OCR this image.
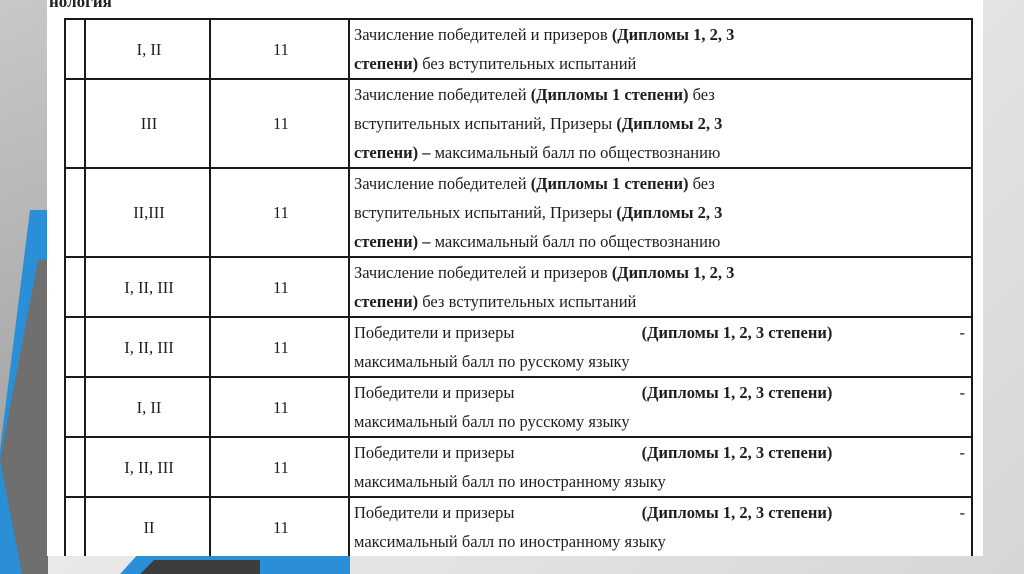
нология
	I, II	11	Зачисление победителей и призеров (Дипломы 1, 2, 3
степени) без вступительных испытаний

	III	11	Зачисление победителей (Дипломы 1 степени) без
вступительных испытаний, Призеры (Дипломы 2, 3
степени) – максимальный балл по обществознанию

	II,III	11	Зачисление победителей (Дипломы 1 степени) без
вступительных испытаний, Призеры (Дипломы 2, 3
степени) – максимальный балл по обществознанию

	I, II, III	11	Зачисление победителей и призеров (Дипломы 1, 2, 3
степени) без вступительных испытаний

	I, II, III	11	Победители и призеры (Дипломы 1, 2, 3 степени) -
максимальный балл по русскому языку

	I, II	11	Победители и призеры (Дипломы 1, 2, 3 степени) -
максимальный балл по русскому языку

	I, II, III	11	Победители и призеры (Дипломы 1, 2, 3 степени) -
максимальный балл по иностранному языку

	II	11	Победители и призеры (Дипломы 1, 2, 3 степени) -
максимальный балл по иностранному языку
